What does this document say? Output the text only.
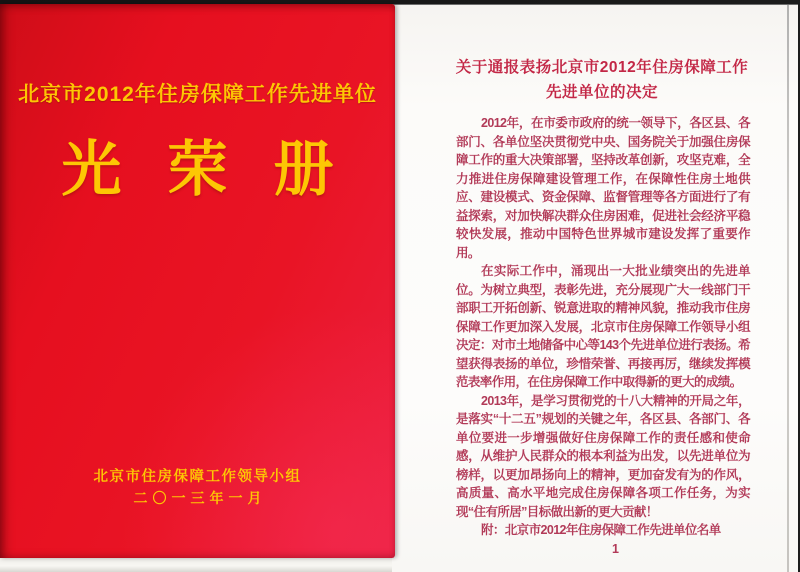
关于通报表扬北京市2012年住房保障工作
先进单位的决定

2012年，在市委市政府的统一领导下，各区县、各部门、各单位坚决贯彻党中央、国务院关于加强住房保障工作的重大决策部署，坚持改革创新，攻坚克难，全力推进住房保障建设管理工作，在保障性住房土地供应、建设模式、资金保障、监督管理等各方面进行了有益探索，对加快解决群众住房困难，促进社会经济平稳较快发展，推动中国特色世界城市建设发挥了重要作用。

在实际工作中，涌现出一大批业绩突出的先进单位。为树立典型，表彰先进，充分展现广大一线部门干部职工开拓创新、锐意进取的精神风貌，推动我市住房保障工作更加深入发展，北京市住房保障工作领导小组决定：对市土地储备中心等143个先进单位进行表扬。希望获得表扬的单位，珍惜荣誉、再接再厉，继续发挥模范表率作用，在住房保障工作中取得新的更大的成绩。

2013年，是学习贯彻党的十八大精神的开局之年，是落实“十二五”规划的关键之年，各区县、各部门、各单位要进一步增强做好住房保障工作的责任感和使命感，从维护人民群众的根本利益为出发，以先进单位为榜样，以更加昂扬向上的精神，更加奋发有为的作风，高质量、高水平地完成住房保障各项工作任务，为实现“住有所居”目标做出新的更大贡献！

附：北京市2012年住房保障工作先进单位名单

1

北京市2012年住房保障工作先进单位
光荣册
北京市住房保障工作领导小组
二〇一三年一月
